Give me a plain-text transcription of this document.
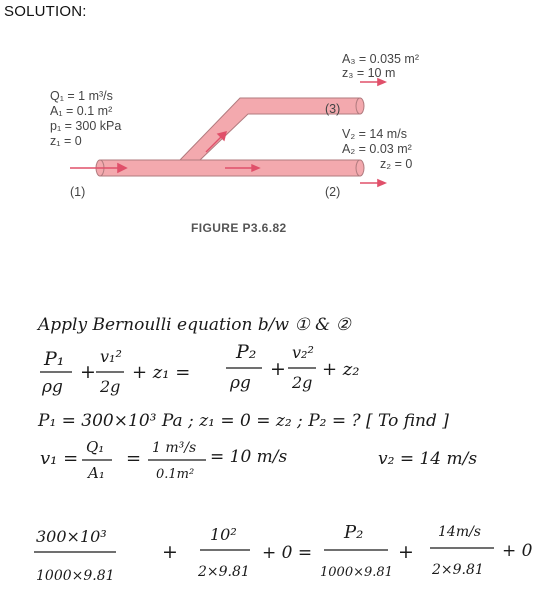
SOLUTION:
Q₁ = 1 m³/s
A₁ = 0.1 m²
p₁ = 300 kPa
z₁ = 0
(1)
A₃ = 0.035 m²
z₃ = 10 m
(3)
V₂ = 14 m/s
A₂ = 0.03 m²
z₂ = 0
(2)
FIGURE P3.6.82
Apply Bernoulli equation b/w ① & ②
P₁
ρg
+
v₁²
2g
+ z₁ =
P₂
ρg
+
v₂²
2g
+ z₂
P₁ = 300×10³ Pa ; z₁ = 0 = z₂ ; P₂ = ? [ To find ]
v₁ =
Q₁
A₁
= 1 m³/s
0.1m²
= 10 m/s	v₂ = 14 m/s
300×10³
1000×9.81
+
10²
2×9.81
+ 0 =
P₂
1000×9.81
+
14m/s
2×9.81
+ 0
